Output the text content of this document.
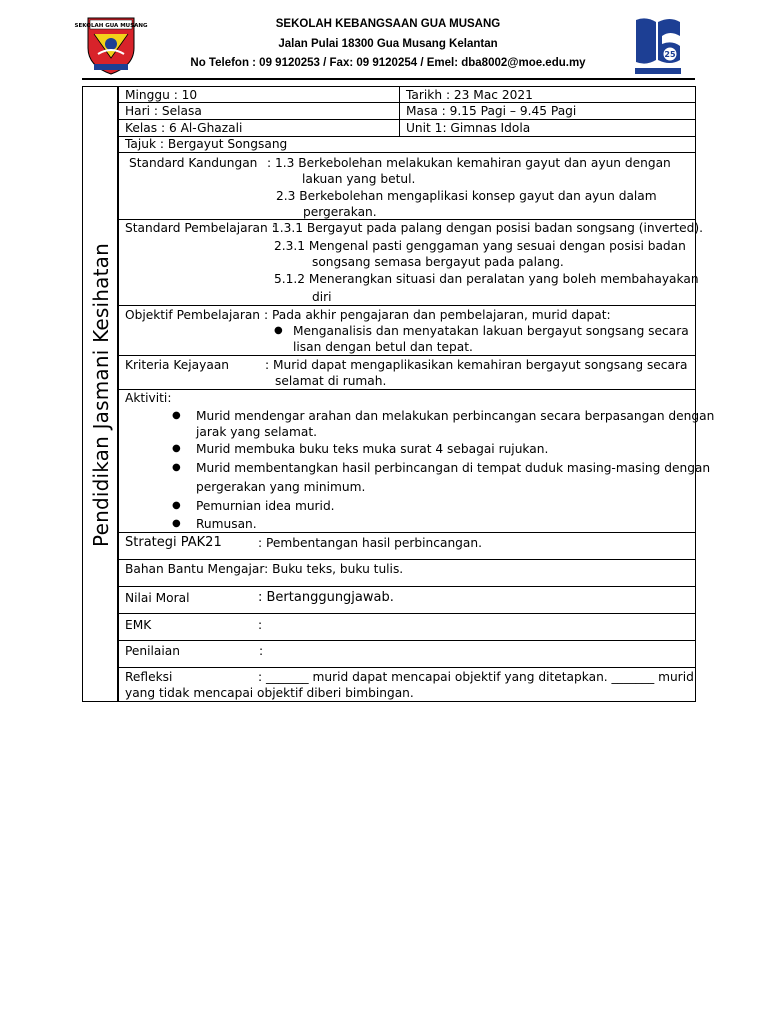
SEKOLAH GUA MUSANG	SEKOLAH KEBANGSAAN GUA MUSANG
Jalan Pulai 18300 Gua Musang Kelantan
No Telefon : 09 9120253 / Fax: 09 9120254 / Emel: dba8002@moe.edu.my
25
Pendidikan Jasmani Kesihatan
Minggu : 10	Tarikh : 23 Mac 2021
Hari : Selasa	Masa : 9.15 Pagi – 9.45 Pagi
Kelas : 6 Al-Ghazali	Unit 1: Gimnas Idola
Tajuk : Bergayut Songsang
Standard Kandungan : 1.3 Berkebolehan melakukan kemahiran gayut dan ayun dengan
lakuan yang betul.
2.3 Berkebolehan mengaplikasi konsep gayut dan ayun dalam
pergerakan.
Standard Pembelajaran :
1.3.1 Bergayut pada palang dengan posisi badan songsang (inverted).
2.3.1 Mengenal pasti genggaman yang sesuai dengan posisi badan
songsang semasa bergayut pada palang.
5.1.2 Menerangkan situasi dan peralatan yang boleh membahayakan
diri
Objektif Pembelajaran : Pada akhir pengajaran dan pembelajaran, murid dapat:
● Menganalisis dan menyatakan lakuan bergayut songsang secara
lisan dengan betul dan tepat.
Kriteria Kejayaan	: Murid dapat mengaplikasikan kemahiran bergayut songsang secara
selamat di rumah.
Aktiviti:
● Murid mendengar arahan dan melakukan perbincangan secara berpasangan dengan
jarak yang selamat.
● Murid membuka buku teks muka surat 4 sebagai rujukan.
● Murid membentangkan hasil perbincangan di tempat duduk masing-masing dengan
pergerakan yang minimum.
● Pemurnian idea murid.
● Rumusan.
Strategi PAK21	: Pembentangan hasil perbincangan.
Bahan Bantu Mengajar: Buku teks, buku tulis.
Nilai Moral	: Bertanggungjawab.
EMK	:
Penilaian	:
Refleksi	: _______ murid dapat mencapai objektif yang ditetapkan. _______ murid
yang tidak mencapai objektif diberi bimbingan.
